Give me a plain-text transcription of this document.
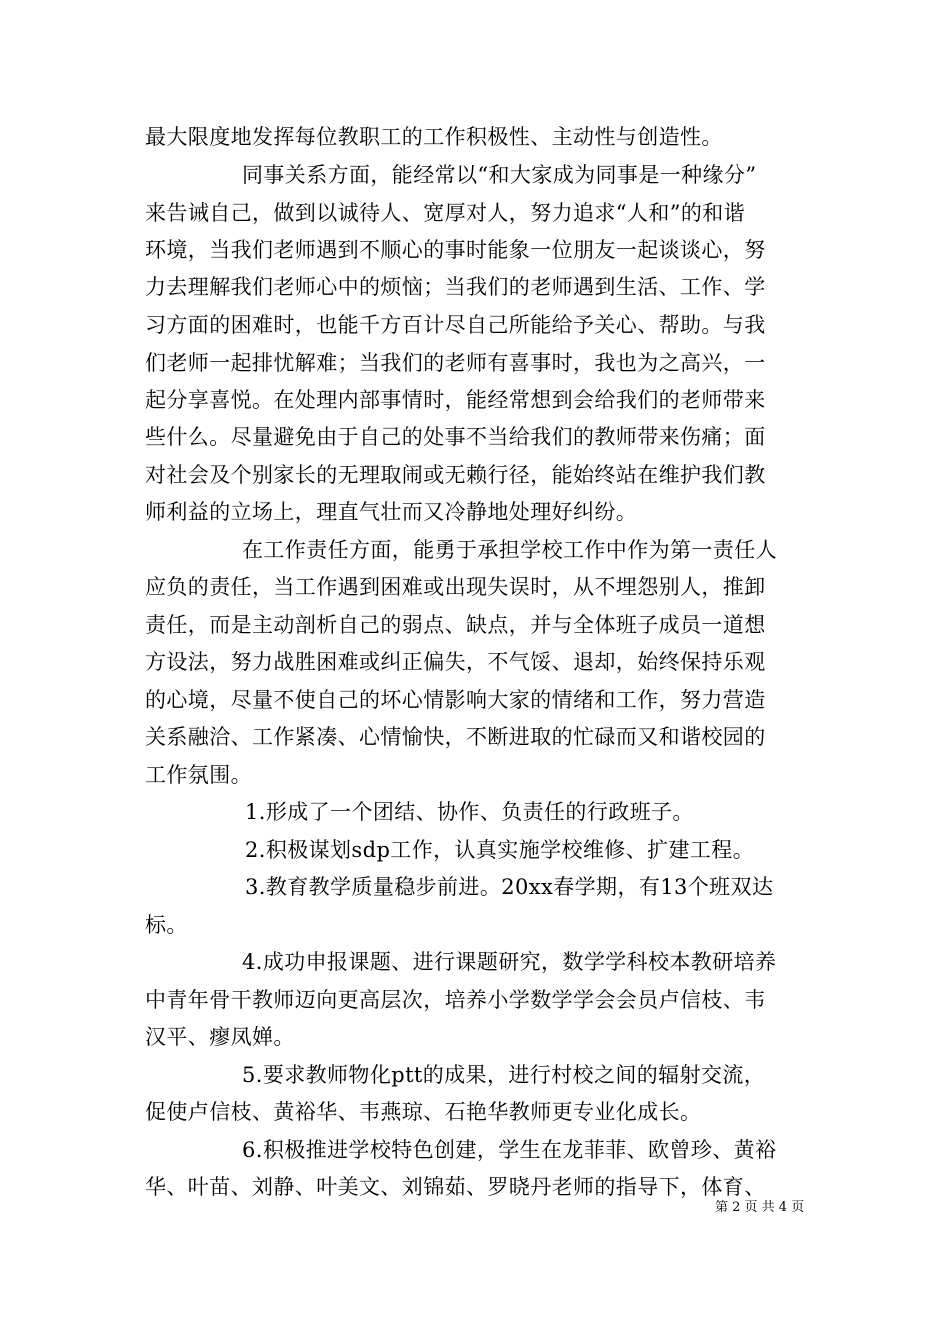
最大限度地发挥每位教职工的工作积极性、主动性与创造性。
同事关系方面，能经常以“和大家成为同事是一种缘分”
来告诫自己，做到以诚待人、宽厚对人，努力追求“人和”的和谐
环境，当我们老师遇到不顺心的事时能象一位朋友一起谈谈心，努
力去理解我们老师心中的烦恼；当我们的老师遇到生活、工作、学
习方面的困难时，也能千方百计尽自己所能给予关心、帮助。与我
们老师一起排忧解难；当我们的老师有喜事时，我也为之高兴，一
起分享喜悦。在处理内部事情时，能经常想到会给我们的老师带来
些什么。尽量避免由于自己的处事不当给我们的教师带来伤痛；面
对社会及个别家长的无理取闹或无赖行径，能始终站在维护我们教
师利益的立场上，理直气壮而又冷静地处理好纠纷。
在工作责任方面，能勇于承担学校工作中作为第一责任人
应负的责任，当工作遇到困难或出现失误时，从不埋怨别人，推卸
责任，而是主动剖析自己的弱点、缺点，并与全体班子成员一道想
方设法，努力战胜困难或纠正偏失，不气馁、退却，始终保持乐观
的心境，尽量不使自己的坏心情影响大家的情绪和工作，努力营造
关系融洽、工作紧凑、心情愉快，不断进取的忙碌而又和谐校园的
工作氛围。
1.形成了一个团结、协作、负责任的行政班子。
2.积极谋划sdp工作，认真实施学校维修、扩建工程。
3.教育教学质量稳步前进。20xx春学期，有13个班双达
标。
4.成功申报课题、进行课题研究，数学学科校本教研培养
中青年骨干教师迈向更高层次，培养小学数学学会会员卢信枝、韦
汉平、瘳凤婵。
5.要求教师物化ptt的成果，进行村校之间的辐射交流，
促使卢信枝、黄裕华、韦燕琼、石艳华教师更专业化成长。
6.积极推进学校特色创建，学生在龙菲菲、欧曾珍、黄裕
华、叶苗、刘静、叶美文、刘锦茹、罗晓丹老师的指导下，体育、
第 2 页 共 4 页
